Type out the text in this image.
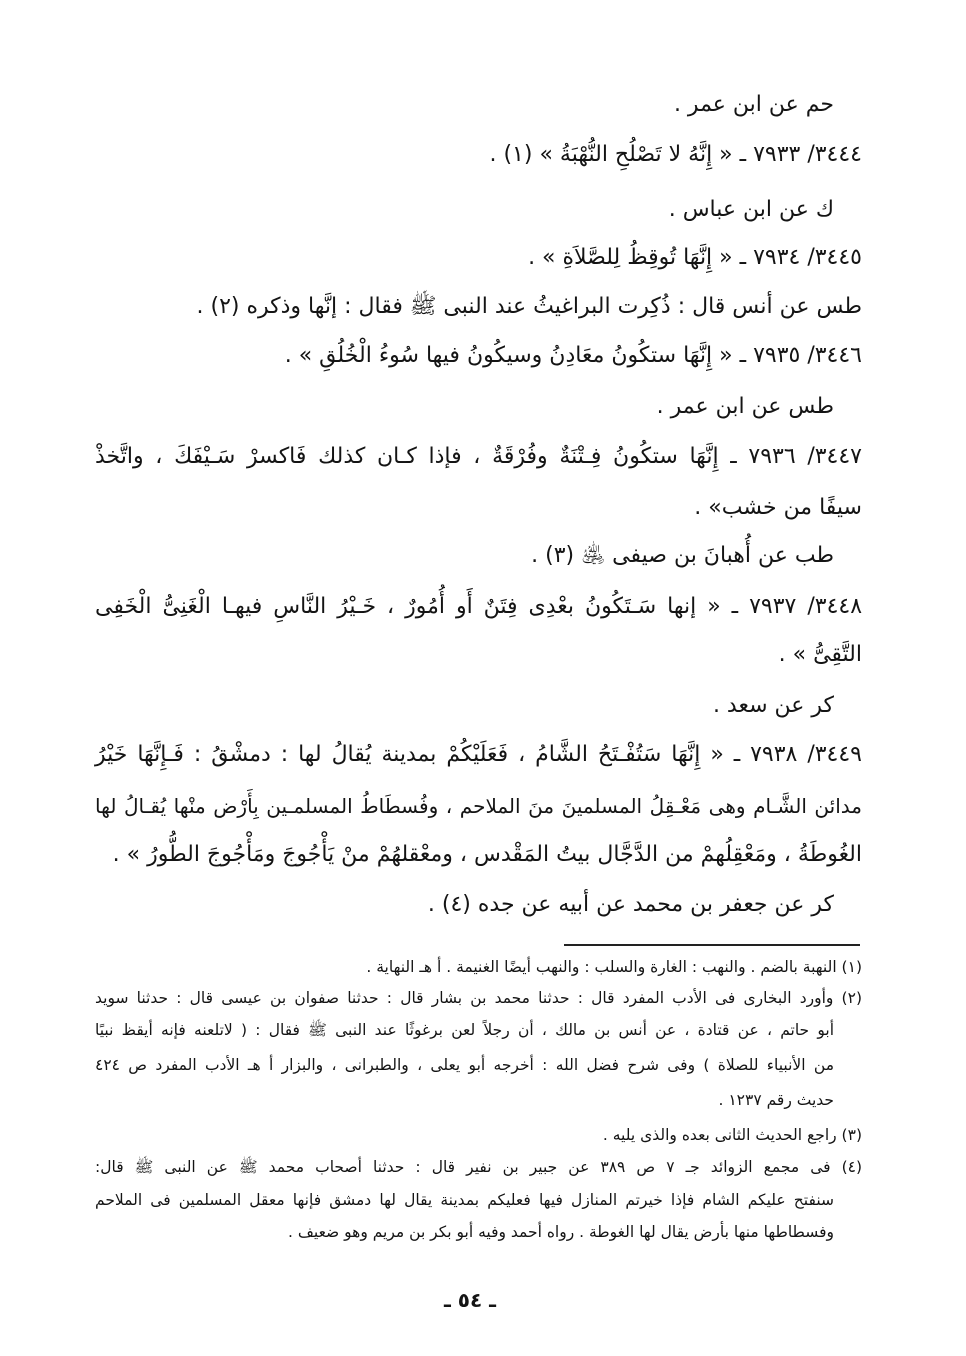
حم عن ابن عمر .
٣٤٤٤/ ٧٩٣٣ ـ « إِنَّهُ لا تَصْلُحِ النُّهْبَةُ » (١) .
ك عن ابن عباس .
٣٤٤٥/ ٧٩٣٤ ـ « إِنَّهَا تُوقِظُ لِلصَّلاَةِ » .
طس عن أنس قال : ذُكِرت البراغيثُ عند النبى ﷺ فقال : إنَّها وذكره (٢) .
٣٤٤٦/ ٧٩٣٥ ـ « إِنَّهَا ستكُونُ معَادِنُ وسيكُونُ فيها سُوءُ الْخُلُقِ » .
طس عن ابن عمر .
٣٤٤٧/ ٧٩٣٦ ـ إِنَّهَا ستكُونُ فِـتْنَةٌ وفُرْقَةٌ ، فإذا كـان كذلك فَاكسرْ سَـيْفَكَ ، واتَّخذْ
سيفًا من خشب» .
طب عن أُهبانَ بن صيفى ﵁ (٣) .
٣٤٤٨/ ٧٩٣٧ ـ « إنها سَـتَكُونُ بعْدِى فِتَنٌ أَو أُمُورٌ ، خَـيْرُ النَّاسِ فيهـا الْغَنِىُّ الْخَفِى
التَّقِىُّ » .
كر عن سعد .
٣٤٤٩/ ٧٩٣٨ ـ « إِنَّهَا سَتُفْـتَحُ الشَّامُ ، فَعَلَيْكُمْ بمدينة يُقالُ لها : دمشْقُ : فَـإِنَّهَا خَيْرُ
مدائن الشَّـام وهى مَعْـقِلُ المسلمينَ منَ الملاحم ، وفُسطَاطُ المسلمـين بِأَرْض منْها يُقـالُ لها
الغُوطَةُ ، ومَعْقِلُهمْ من الدَّجَّال بيتُ المَقْدس ، ومعْقلهُمْ منْ يَأْجُوجَ ومَأْجُوجَ الطُّورُ » .
كر عن جعفر بن محمد عن أبيه عن جده (٤) .
(١) النهبة بالضم . والنهب : الغارة والسلب : والنهب أيضًا الغنيمة . أ هـ النهاية .
(٢) وأورد البخارى فى الأدب المفرد قال : حدثنا محمد بن بشار قال : حدثنا صفوان بن عيسى قال : حدثنا سويد
أبو حاتم ، عن قتادة ، عن أنس بن مالك ، أن رجلاً لعن برغوثًا عند النبى ﷺ فقال : ( لاتلعنه فإنه أيقظ نبيًا
من الأنبياء للصلاة ) وفى شرح فضل الله : أخرجه أبو يعلى ، والطبرانى ، والبزار أ هـ الأدب المفرد ص ٤٢٤
حديث رقم ١٢٣٧ .
(٣) راجع الحديث الثانى بعده والذى يليه .
(٤) فى مجمع الزوائد جـ ٧ ص ٣٨٩ عن جبير بن نفير قال : حدثنا أصحاب محمد ﷺ عن النبى ﷺ قال:
سنفتح عليكم الشام فإذا خيرتم المنازل فيها فعليكم بمدينة يقال لها دمشق فإنها معقل المسلمين فى الملاحم
وفسطاطها منها بأرض يقال لها الغوطة . رواه أحمد وفيه أبو بكر بن مريم وهو ضعيف .
ـ ٥٤ ـ
